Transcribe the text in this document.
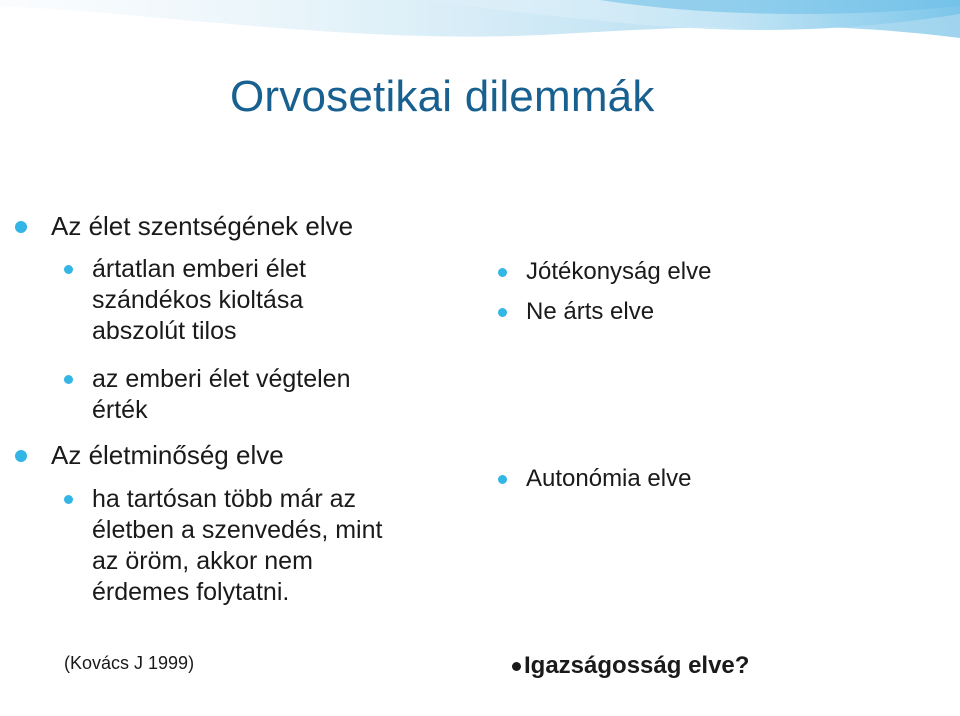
Orvosetikai dilemmák
Az élet szentségének elve
ártatlan emberi élet
szándékos kioltása
abszolút tilos
az emberi élet végtelen
érték
Az életminőség elve
ha tartósan több már az
életben a szenvedés, mint
az öröm, akkor nem
érdemes folytatni.
Jótékonyság elve
Ne árts elve
Autonómia elve
(Kovács J 1999)	Igazságosság elve?
